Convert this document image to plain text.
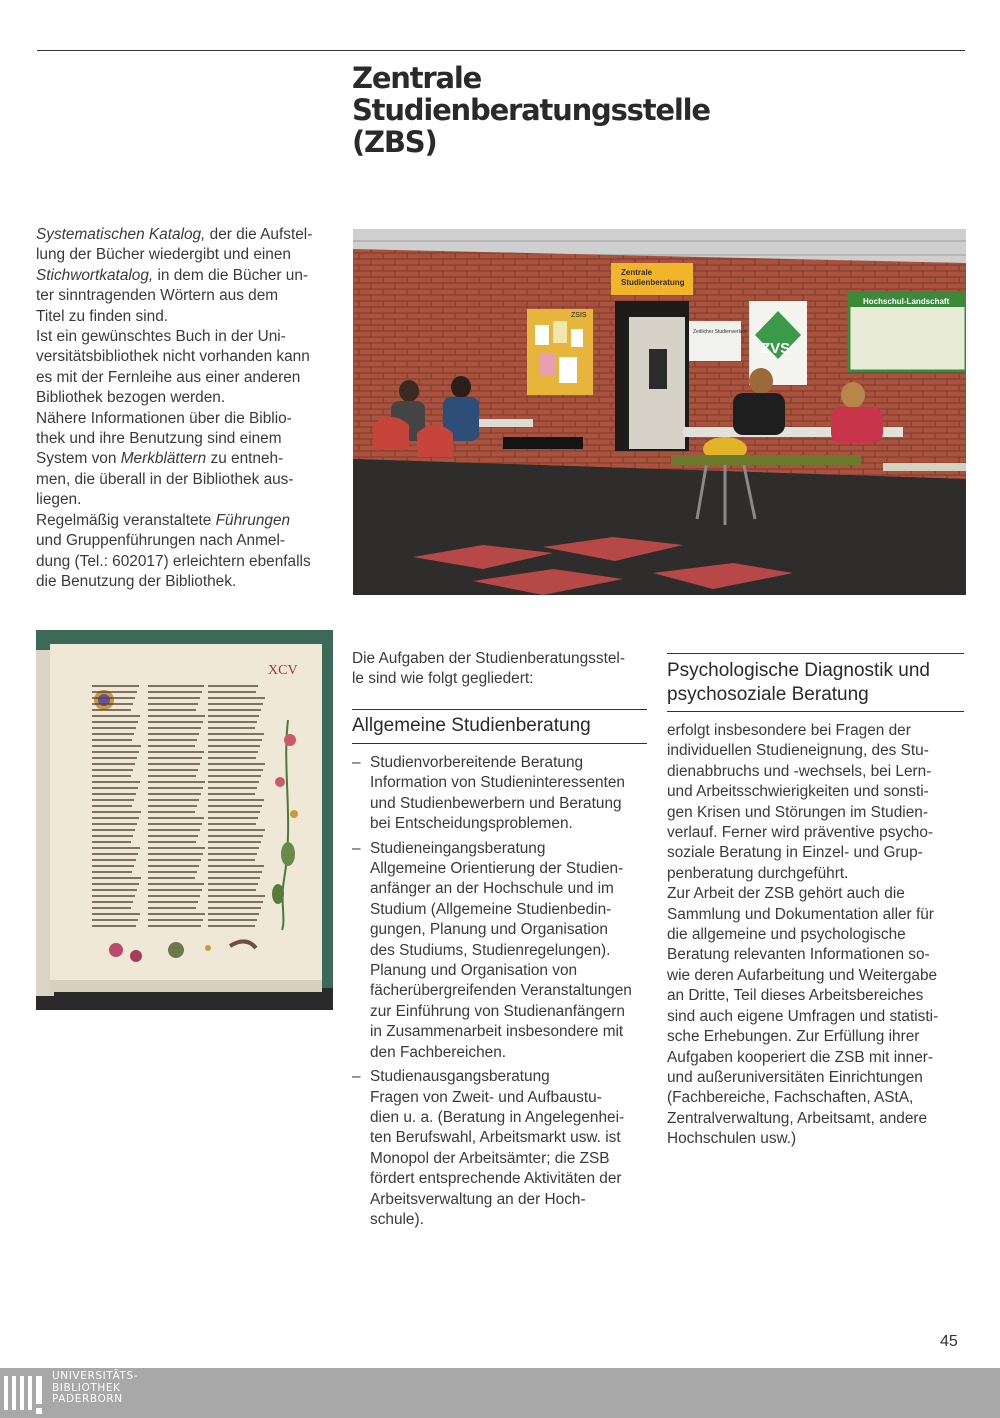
Zentrale
Studienberatungsstelle
(ZBS)
Systematischen Katalog, der die Aufstel-
lung der Bücher wiedergibt und einen
Stichwortkatalog, in dem die Bücher un-
ter sinntragenden Wörtern aus dem
Titel zu finden sind.
Ist ein gewünschtes Buch in der Uni-
versitätsbibliothek nicht vorhanden kann
es mit der Fernleihe aus einer anderen
Bibliothek bezogen werden.
Nähere Informationen über die Biblio-
thek und ihre Benutzung sind einem
System von Merkblättern zu entneh-
men, die überall in der Bibliothek aus-
liegen.
Regelmäßig veranstaltete Führungen
und Gruppenführungen nach Anmel-
dung (Tel.: 602017) erleichtern ebenfalls
die Benutzung der Bibliothek.
Zentrale
Studienberatung
ZSIS
Zeitlicher Studienverlauf
ZVS
Hochschul-Landschaft
XCV
Die Aufgaben der Studienberatungsstel-
le sind wie folgt gegliedert:
Allgemeine Studienberatung
– Studienvorbereitende Beratung
Information von Studieninteressenten
und Studienbewerbern und Beratung
bei Entscheidungsproblemen.
– Studieneingangsberatung
Allgemeine Orientierung der Studien-
anfänger an der Hochschule und im
Studium (Allgemeine Studienbedin-
gungen, Planung und Organisation
des Studiums, Studienregelungen).
Planung und Organisation von
fächerübergreifenden Veranstaltungen
zur Einführung von Studienanfängern
in Zusammenarbeit insbesondere mit
den Fachbereichen.
– Studienausgangsberatung
Fragen von Zweit- und Aufbaustu-
dien u. a. (Beratung in Angelegenhei-
ten Berufswahl, Arbeitsmarkt usw. ist
Monopol der Arbeitsämter; die ZSB
fördert entsprechende Aktivitäten der
Arbeitsverwaltung an der Hoch-
schule).
Psychologische Diagnostik und
psychosoziale Beratung
erfolgt insbesondere bei Fragen der
individuellen Studieneignung, des Stu-
dienabbruchs und -wechsels, bei Lern-
und Arbeitsschwierigkeiten und sonsti-
gen Krisen und Störungen im Studien-
verlauf. Ferner wird präventive psycho-
soziale Beratung in Einzel- und Grup-
penberatung durchgeführt.
Zur Arbeit der ZSB gehört auch die
Sammlung und Dokumentation aller für
die allgemeine und psychologische
Beratung relevanten Informationen so-
wie deren Aufarbeitung und Weitergabe
an Dritte, Teil dieses Arbeitsbereiches
sind auch eigene Umfragen und statisti-
sche Erhebungen. Zur Erfüllung ihrer
Aufgaben kooperiert die ZSB mit inner-
und außeruniversitäten Einrichtungen
(Fachbereiche, Fachschaften, AStA,
Zentralverwaltung, Arbeitsamt, andere
Hochschulen usw.)
45
UNIVERSITÄTS-
BIBLIOTHEK
PADERBORN
